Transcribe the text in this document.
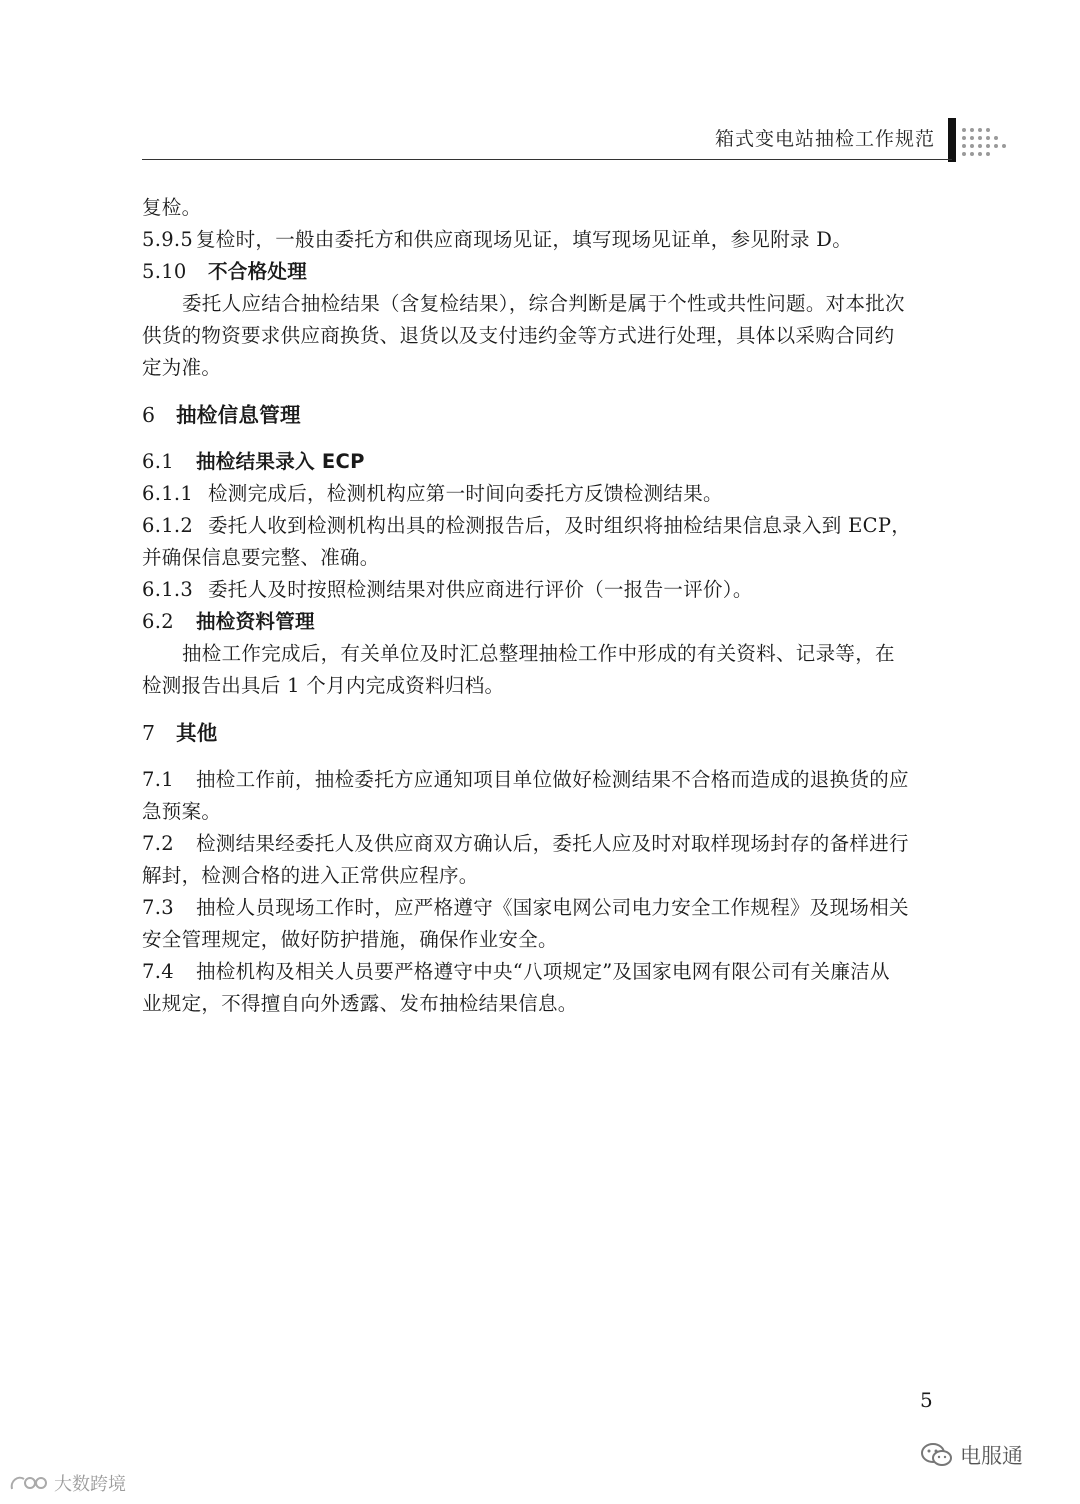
箱式变电站抽检工作规范
复检。
5.9.5 复检时，一般由委托方和供应商现场见证，填写现场见证单，参见附录 D。
5.10 不合格处理
委托人应结合抽检结果（含复检结果），综合判断是属于个性或共性问题。对本批次
供货的物资要求供应商换货、退货以及支付违约金等方式进行处理，具体以采购合同约
定为准。
6 抽检信息管理
6.1 抽检结果录入 ECP
6.1.1 检测完成后，检测机构应第一时间向委托方反馈检测结果。
6.1.2 委托人收到检测机构出具的检测报告后，及时组织将抽检结果信息录入到 ECP，
并确保信息要完整、准确。
6.1.3 委托人及时按照检测结果对供应商进行评价（一报告一评价）。
6.2 抽检资料管理
抽检工作完成后，有关单位及时汇总整理抽检工作中形成的有关资料、记录等，在
检测报告出具后 1 个月内完成资料归档。
7 其他
7.1 抽检工作前，抽检委托方应通知项目单位做好检测结果不合格而造成的退换货的应
急预案。
7.2 检测结果经委托人及供应商双方确认后，委托人应及时对取样现场封存的备样进行
解封，检测合格的进入正常供应程序。
7.3 抽检人员现场工作时，应严格遵守《国家电网公司电力安全工作规程》及现场相关
安全管理规定，做好防护措施，确保作业安全。
7.4 抽检机构及相关人员要严格遵守中央“八项规定”及国家电网有限公司有关廉洁从
业规定，不得擅自向外透露、发布抽检结果信息。
5
电服通
大数跨境
